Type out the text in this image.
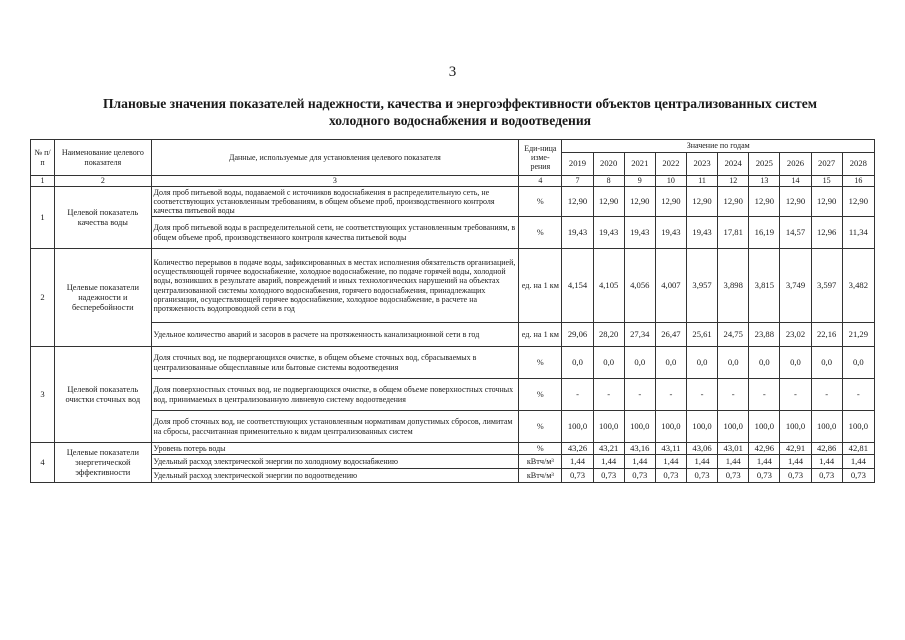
3
Плановые значения показателей надежности, качества и энергоэффективности объектов централизованных систем
холодного водоснабжения и водоотведения
№ п/п	Наименование целевого показателя	Данные, используемые для установления целевого показателя	Еди-ница изме-рения	Значение по годам									
				2019	2020	2021	2022	2023	2024	2025	2026	2027	2028
1	2	3	4	7	8	9	10	11	12	13	14	15	16
1	Целевой показатель качества воды	Доля проб питьевой воды, подаваемой с источников водоснабжения в распределительную сеть, не соответствующих установленным требованиям, в общем объеме проб, производственного контроля качества питьевой воды	%	12,90	12,90	12,90	12,90	12,90	12,90	12,90	12,90	12,90	12,90
		Доля проб питьевой воды в распределительной сети, не соответствующих установленным требованиям, в общем объеме проб, производственного контроля качества питьевой воды	%	19,43	19,43	19,43	19,43	19,43	17,81	16,19	14,57	12,96	11,34
2	Целевые показатели надежности и бесперебойности	Количество перерывов в подаче воды, зафиксированных в местах исполнения обязательств организацией, осуществляющей горячее водоснабжение, холодное водоснабжение, по подаче горячей воды, холодной воды, возникших в результате аварий, повреждений и иных технологических нарушений на объектах централизованной системы холодного водоснабжения, горячего водоснабжения, принадлежащих организации, осуществляющей горячее водоснабжение, холодное водоснабжение, в расчете на протяженность водопроводной сети в год	ед. на 1 км	4,154	4,105	4,056	4,007	3,957	3,898	3,815	3,749	3,597	3,482
		Удельное количество аварий и засоров в расчете на протяженность канализационной сети в год	ед. на 1 км	29,06	28,20	27,34	26,47	25,61	24,75	23,88	23,02	22,16	21,29
3	Целевой показатель очистки сточных вод	Доля сточных вод, не подвергающихся очистке, в общем объеме сточных вод, сбрасываемых в централизованные общесплавные или бытовые системы водоотведения	%	0,0	0,0	0,0	0,0	0,0	0,0	0,0	0,0	0,0	0,0
		Доля поверхностных сточных вод, не подвергающихся очистке, в общем объеме поверхностных сточных вод, принимаемых в централизованную ливневую систему водоотведения	%	-	-	-	-	-	-	-	-	-	-
		Доля проб сточных вод, не соответствующих установленным нормативам допустимых сбросов, лимитам на сбросы, рассчитанная применительно к видам централизованных систем	%	100,0	100,0	100,0	100,0	100,0	100,0	100,0	100,0	100,0	100,0
4	Целевые показатели энергетической эффективности	Уровень потерь воды	%	43,26	43,21	43,16	43,11	43,06	43,01	42,96	42,91	42,86	42,81
		Удельный расход электрической энергии по холодному водоснабжению	кВтч/м³	1,44	1,44	1,44	1,44	1,44	1,44	1,44	1,44	1,44	1,44
		Удельный расход электрической энергии по водоотведению	кВтч/м³	0,73	0,73	0,73	0,73	0,73	0,73	0,73	0,73	0,73	0,73
